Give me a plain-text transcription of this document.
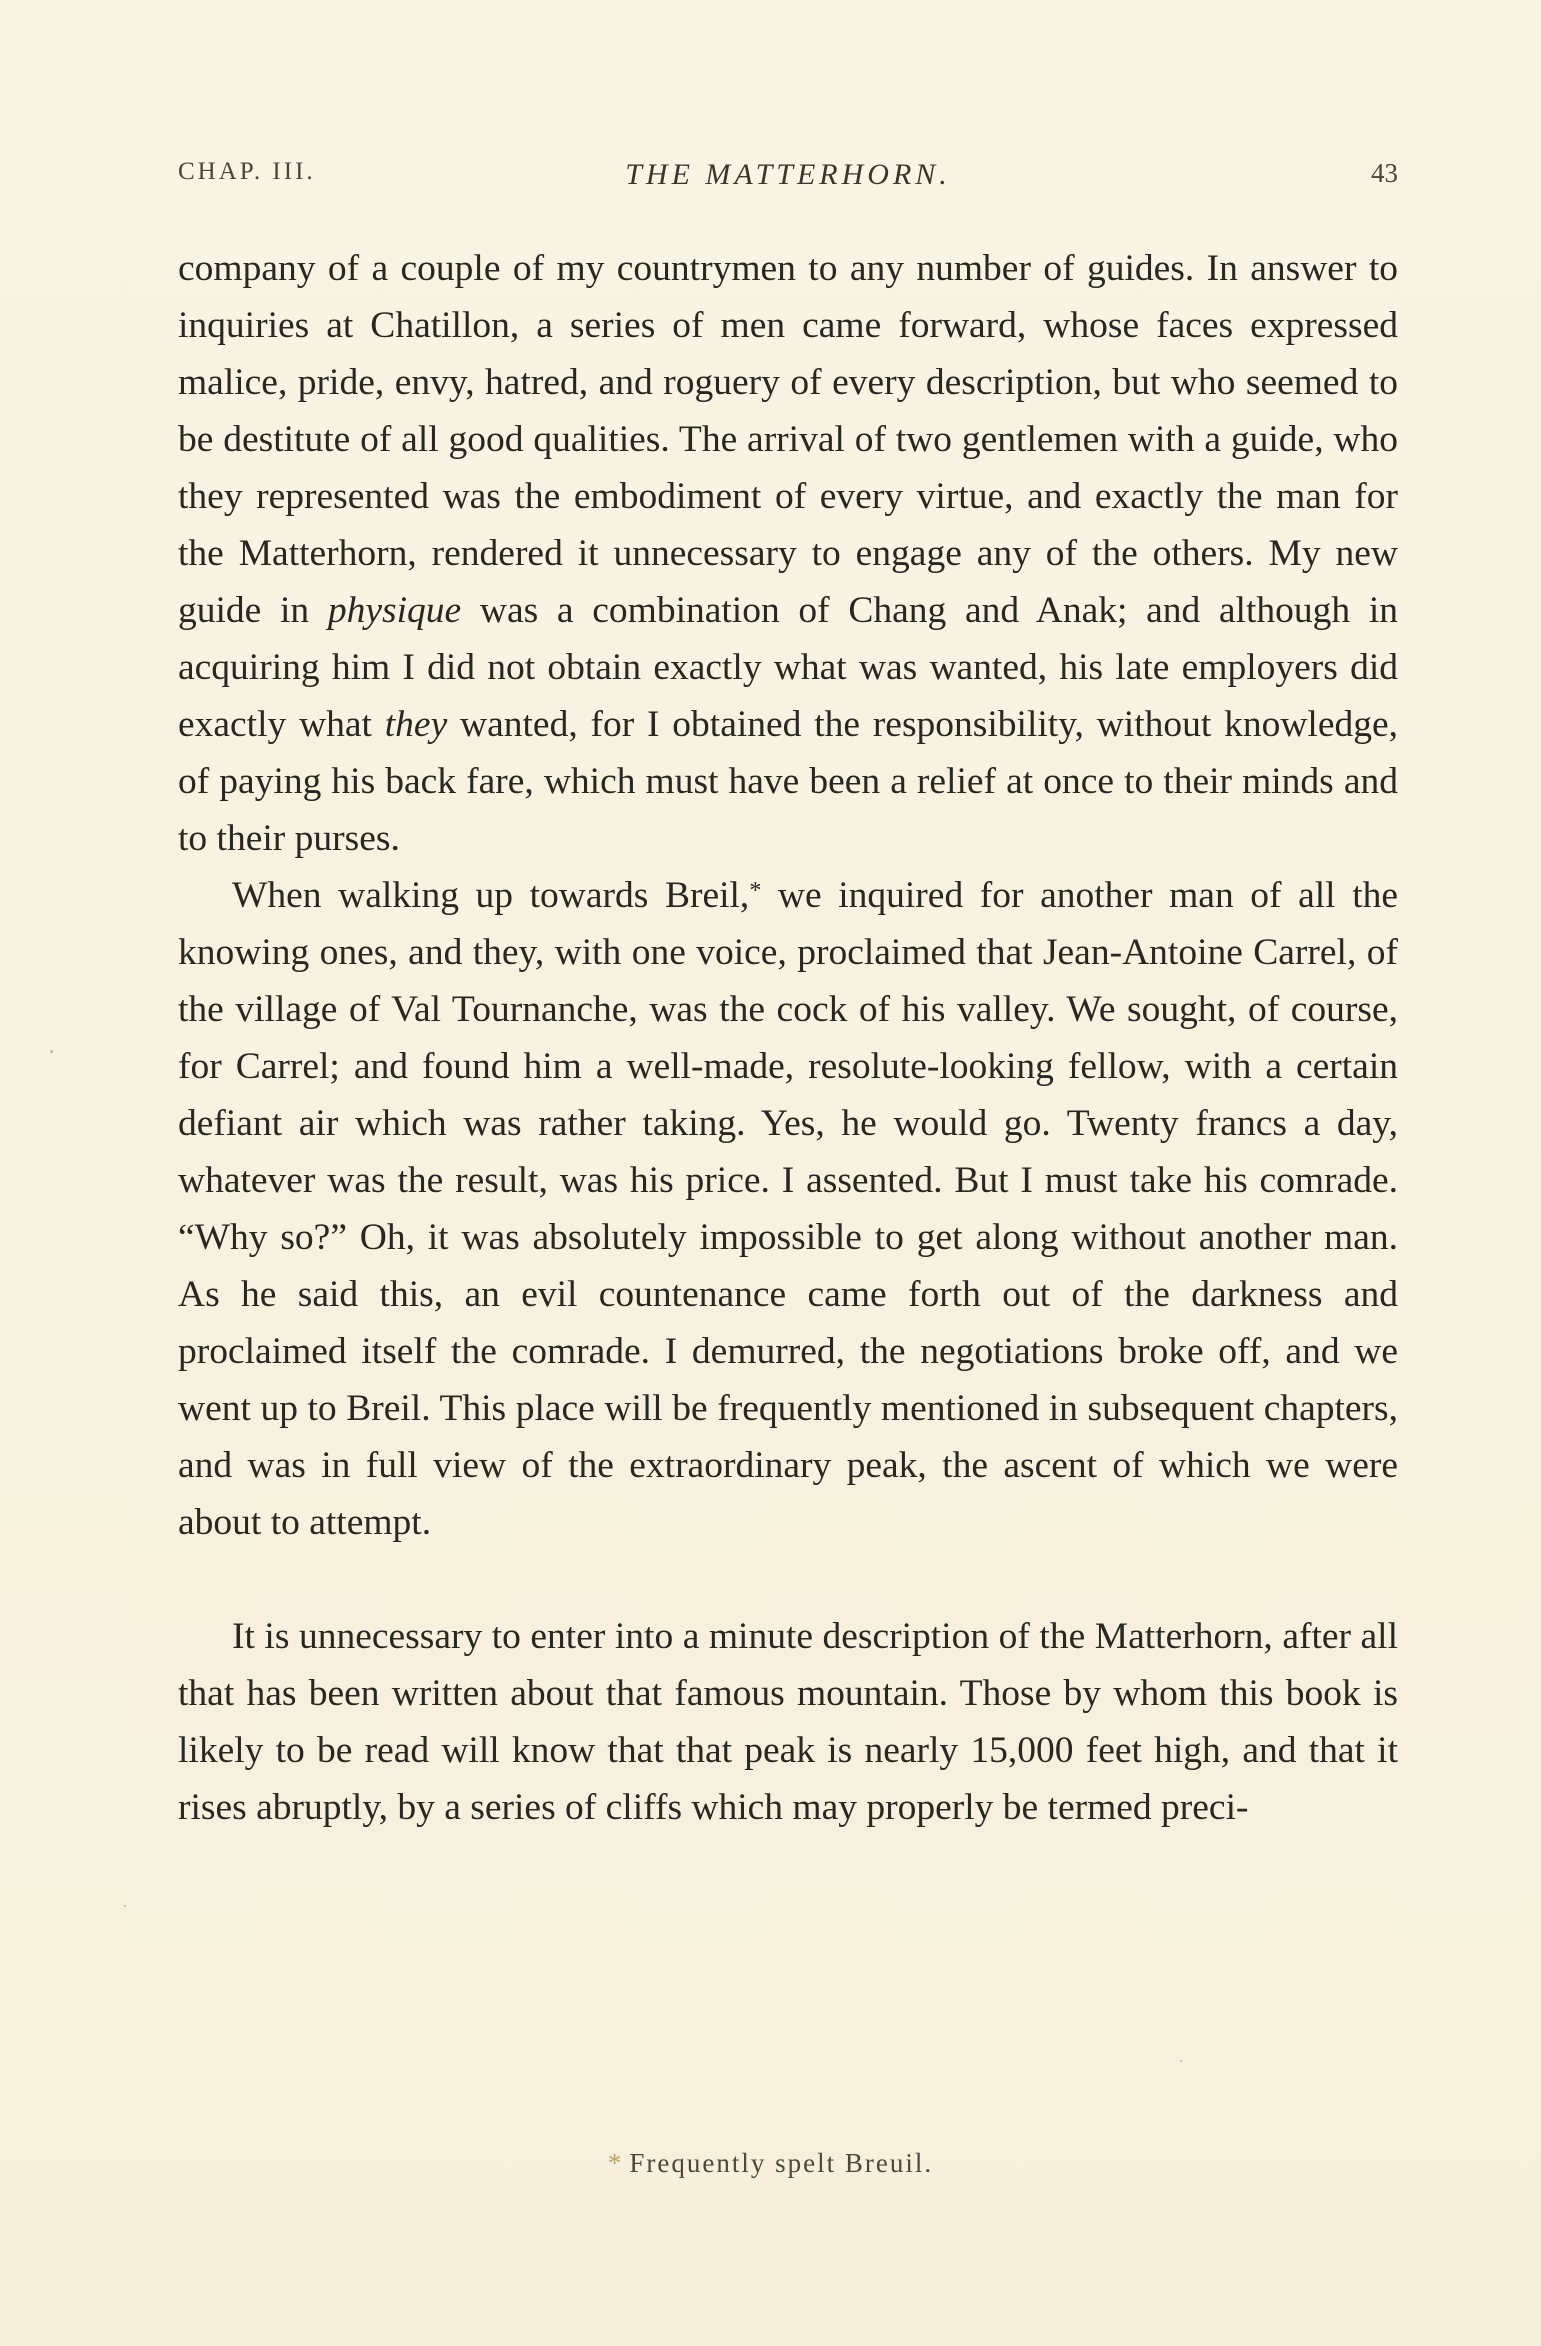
CHAP. III.	THE MATTERHORN.	43

company of a couple of my countrymen to any number of guides. In answer to inquiries at Chatillon, a series of men came forward, whose faces expressed malice, pride, envy, hatred, and roguery of every description, but who seemed to be destitute of all good qualities. The arrival of two gentlemen with a guide, who they represented was the embodiment of every virtue, and exactly the man for the Matterhorn, rendered it unnecessary to engage any of the others. My new guide in physique was a combination of Chang and Anak; and although in acquiring him I did not obtain exactly what was wanted, his late employers did exactly what they wanted, for I obtained the responsibility, without knowledge, of paying his back fare, which must have been a relief at once to their minds and to their purses.

When walking up towards Breil,* we inquired for another man of all the knowing ones, and they, with one voice, proclaimed that Jean-Antoine Carrel, of the village of Val Tournanche, was the cock of his valley. We sought, of course, for Carrel; and found him a well-made, resolute-looking fellow, with a certain defiant air which was rather taking. Yes, he would go. Twenty francs a day, whatever was the result, was his price. I assented. But I must take his comrade. “Why so?” Oh, it was absolutely impossible to get along without another man. As he said this, an evil countenance came forth out of the darkness and proclaimed itself the comrade. I demurred, the negotiations broke off, and we went up to Breil. This place will be frequently mentioned in subsequent chapters, and was in full view of the extraordinary peak, the ascent of which we were about to attempt.

It is unnecessary to enter into a minute description of the Matterhorn, after all that has been written about that famous mountain. Those by whom this book is likely to be read will know that that peak is nearly 15,000 feet high, and that it rises abruptly, by a series of cliffs which may properly be termed preci-

* Frequently spelt Breuil.
